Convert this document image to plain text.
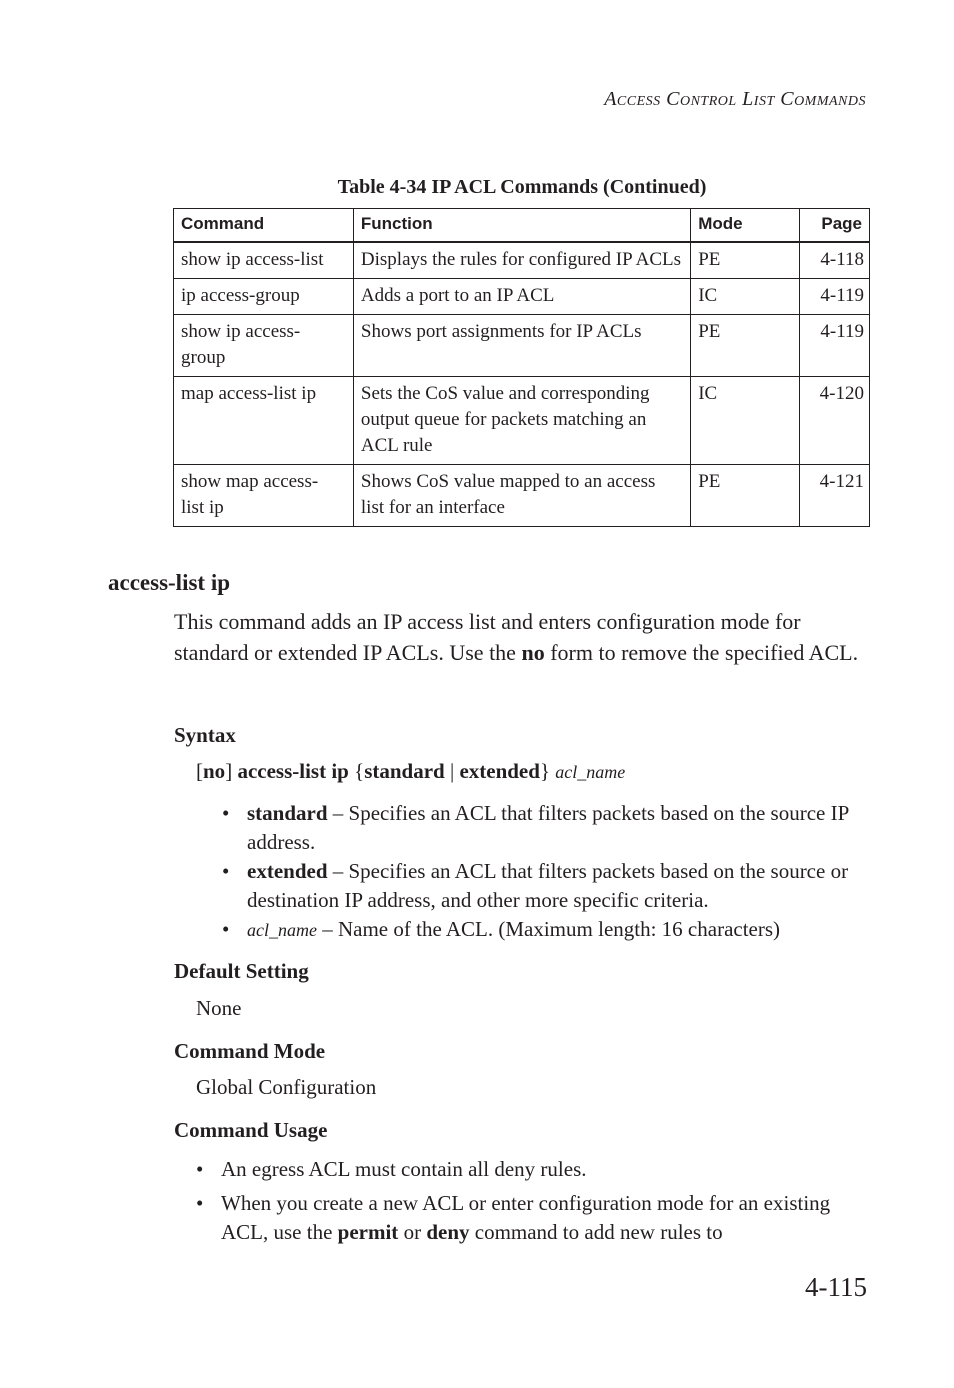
Access Control List Commands
Table 4-34 IP ACL Commands (Continued)
Command	Function	Mode	Page
show ip access-list	Displays the rules for configured IP ACLs	PE	4-118
ip access-group	Adds a port to an IP ACL	IC	4-119
show ip access-group	Shows port assignments for IP ACLs	PE	4-119
map access-list ip	Sets the CoS value and corresponding output queue for packets matching an ACL rule	IC	4-120
show map access-list ip	Shows CoS value mapped to an access list for an interface	PE	4-121
access-list ip
This command adds an IP access list and enters configuration mode for standard or extended IP ACLs. Use the no form to remove the specified ACL.
Syntax
[no] access-list ip {standard | extended} acl_name
• standard – Specifies an ACL that filters packets based on the source IP address.
• extended – Specifies an ACL that filters packets based on the source or destination IP address, and other more specific criteria.
• acl_name – Name of the ACL. (Maximum length: 16 characters)
Default Setting
None
Command Mode
Global Configuration
Command Usage
• An egress ACL must contain all deny rules.
• When you create a new ACL or enter configuration mode for an existing ACL, use the permit or deny command to add new rules to
4-115
